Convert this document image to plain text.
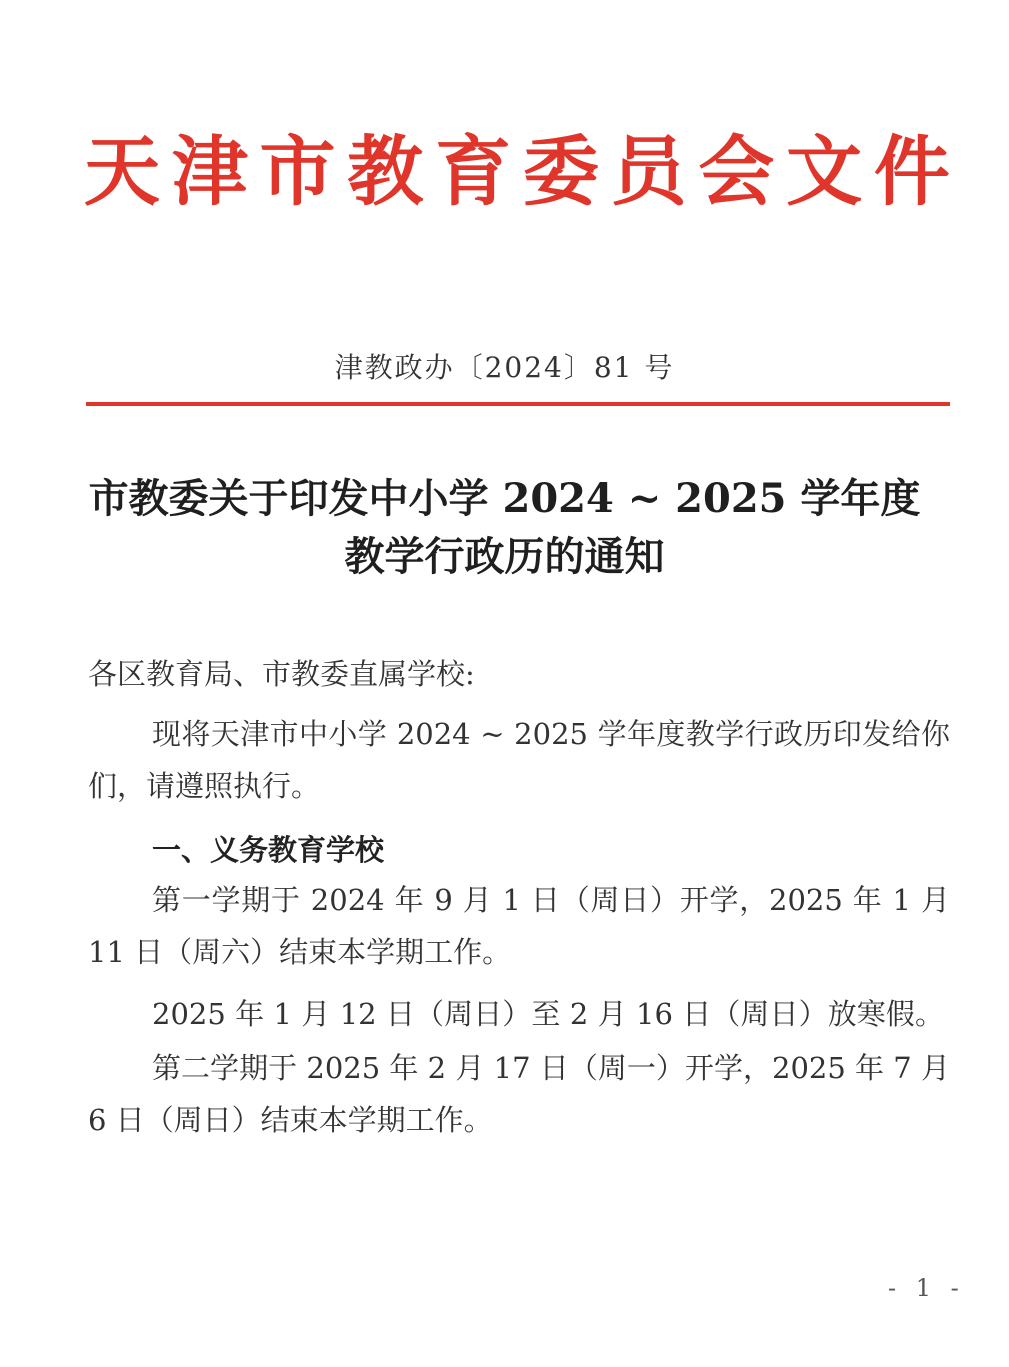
天 津 市 教 育 委 员 会 文 件
津教政办〔2024〕81 号
市教委关于印发中小学 2024 ~ 2025 学年度
教学行政历的通知
各区教育局、市教委直属学校:
现将天津市中小学 2024 ~ 2025 学年度教学行政历印发给你
们，请遵照执行。
一、义务教育学校
第一学期于 2024 年 9 月 1 日（周日）开学，2025 年 1 月
11 日（周六）结束本学期工作。
2025 年 1 月 12 日（周日）至 2 月 16 日（周日）放寒假。
第二学期于 2025 年 2 月 17 日（周一）开学，2025 年 7 月
6 日（周日）结束本学期工作。
- 1 -
